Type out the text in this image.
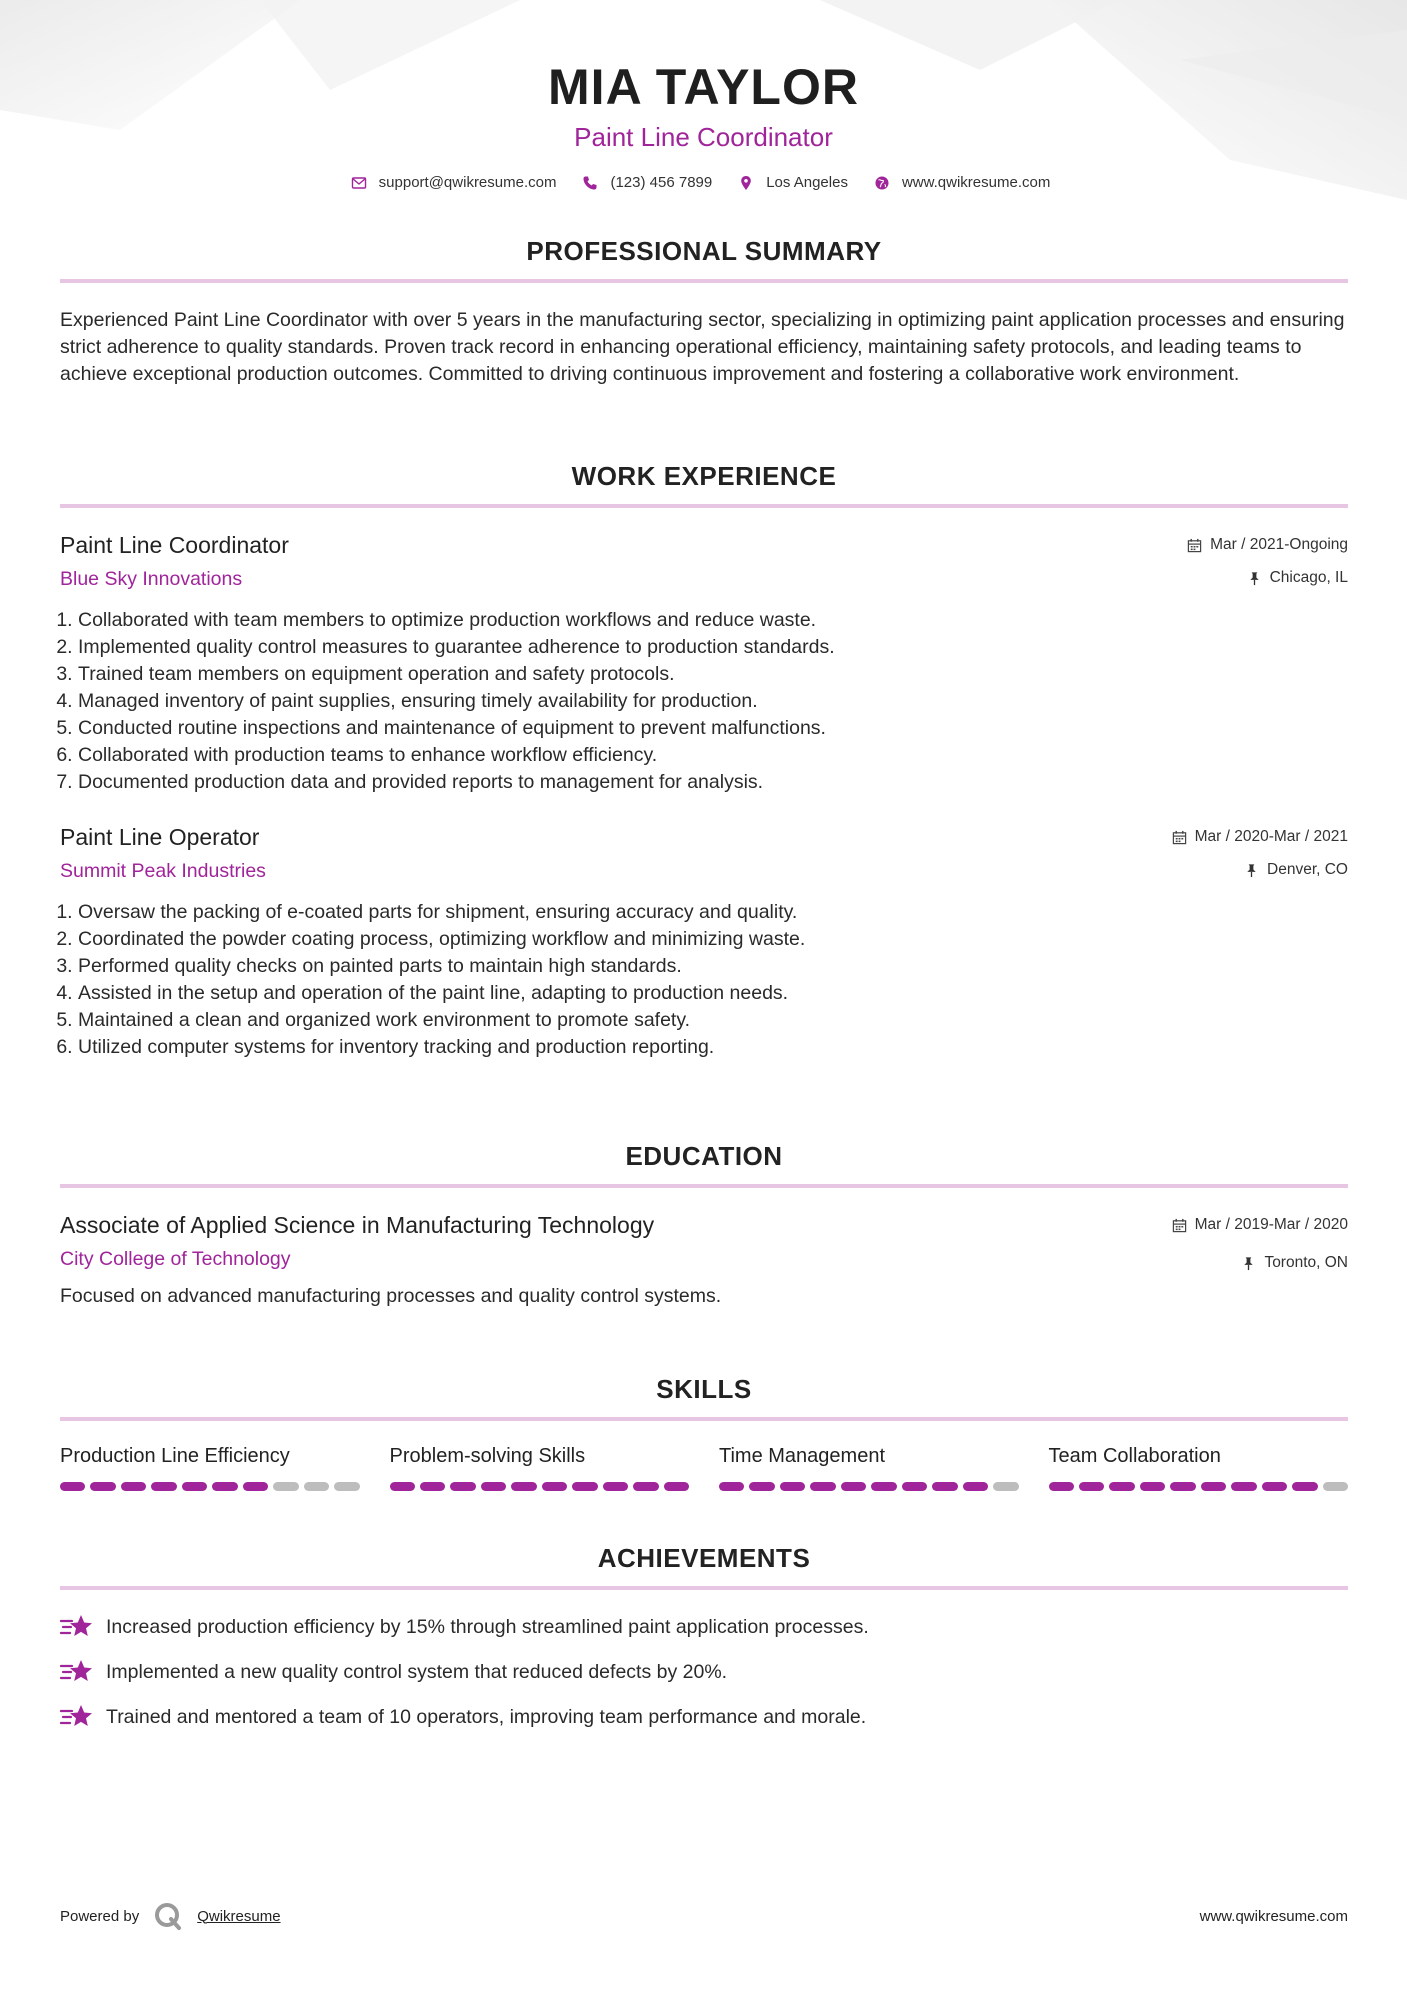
MIA TAYLOR
Paint Line Coordinator
support@qwikresume.com	(123) 456 7899	Los Angeles	www.qwikresume.com
PROFESSIONAL SUMMARY
Experienced Paint Line Coordinator with over 5 years in the manufacturing sector, specializing in optimizing paint application processes and ensuring strict adherence to quality standards. Proven track record in enhancing operational efficiency, maintaining safety protocols, and leading teams to achieve exceptional production outcomes. Committed to driving continuous improvement and fostering a collaborative work environment.
WORK EXPERIENCE
Paint Line Coordinator
Blue Sky Innovations
Mar / 2021-Ongoing
Chicago, IL
1. Collaborated with team members to optimize production workflows and reduce waste.
2. Implemented quality control measures to guarantee adherence to production standards.
3. Trained team members on equipment operation and safety protocols.
4. Managed inventory of paint supplies, ensuring timely availability for production.
5. Conducted routine inspections and maintenance of equipment to prevent malfunctions.
6. Collaborated with production teams to enhance workflow efficiency.
7. Documented production data and provided reports to management for analysis.
Paint Line Operator
Summit Peak Industries
Mar / 2020-Mar / 2021
Denver, CO
1. Oversaw the packing of e-coated parts for shipment, ensuring accuracy and quality.
2. Coordinated the powder coating process, optimizing workflow and minimizing waste.
3. Performed quality checks on painted parts to maintain high standards.
4. Assisted in the setup and operation of the paint line, adapting to production needs.
5. Maintained a clean and organized work environment to promote safety.
6. Utilized computer systems for inventory tracking and production reporting.
EDUCATION
Associate of Applied Science in Manufacturing Technology
City College of Technology
Mar / 2019-Mar / 2020
Toronto, ON
Focused on advanced manufacturing processes and quality control systems.
SKILLS
Production Line Efficiency	Problem-solving Skills	Time Management	Team Collaboration
ACHIEVEMENTS
Increased production efficiency by 15% through streamlined paint application processes.
Implemented a new quality control system that reduced defects by 20%.
Trained and mentored a team of 10 operators, improving team performance and morale.
Powered by	Qwikresume	www.qwikresume.com
